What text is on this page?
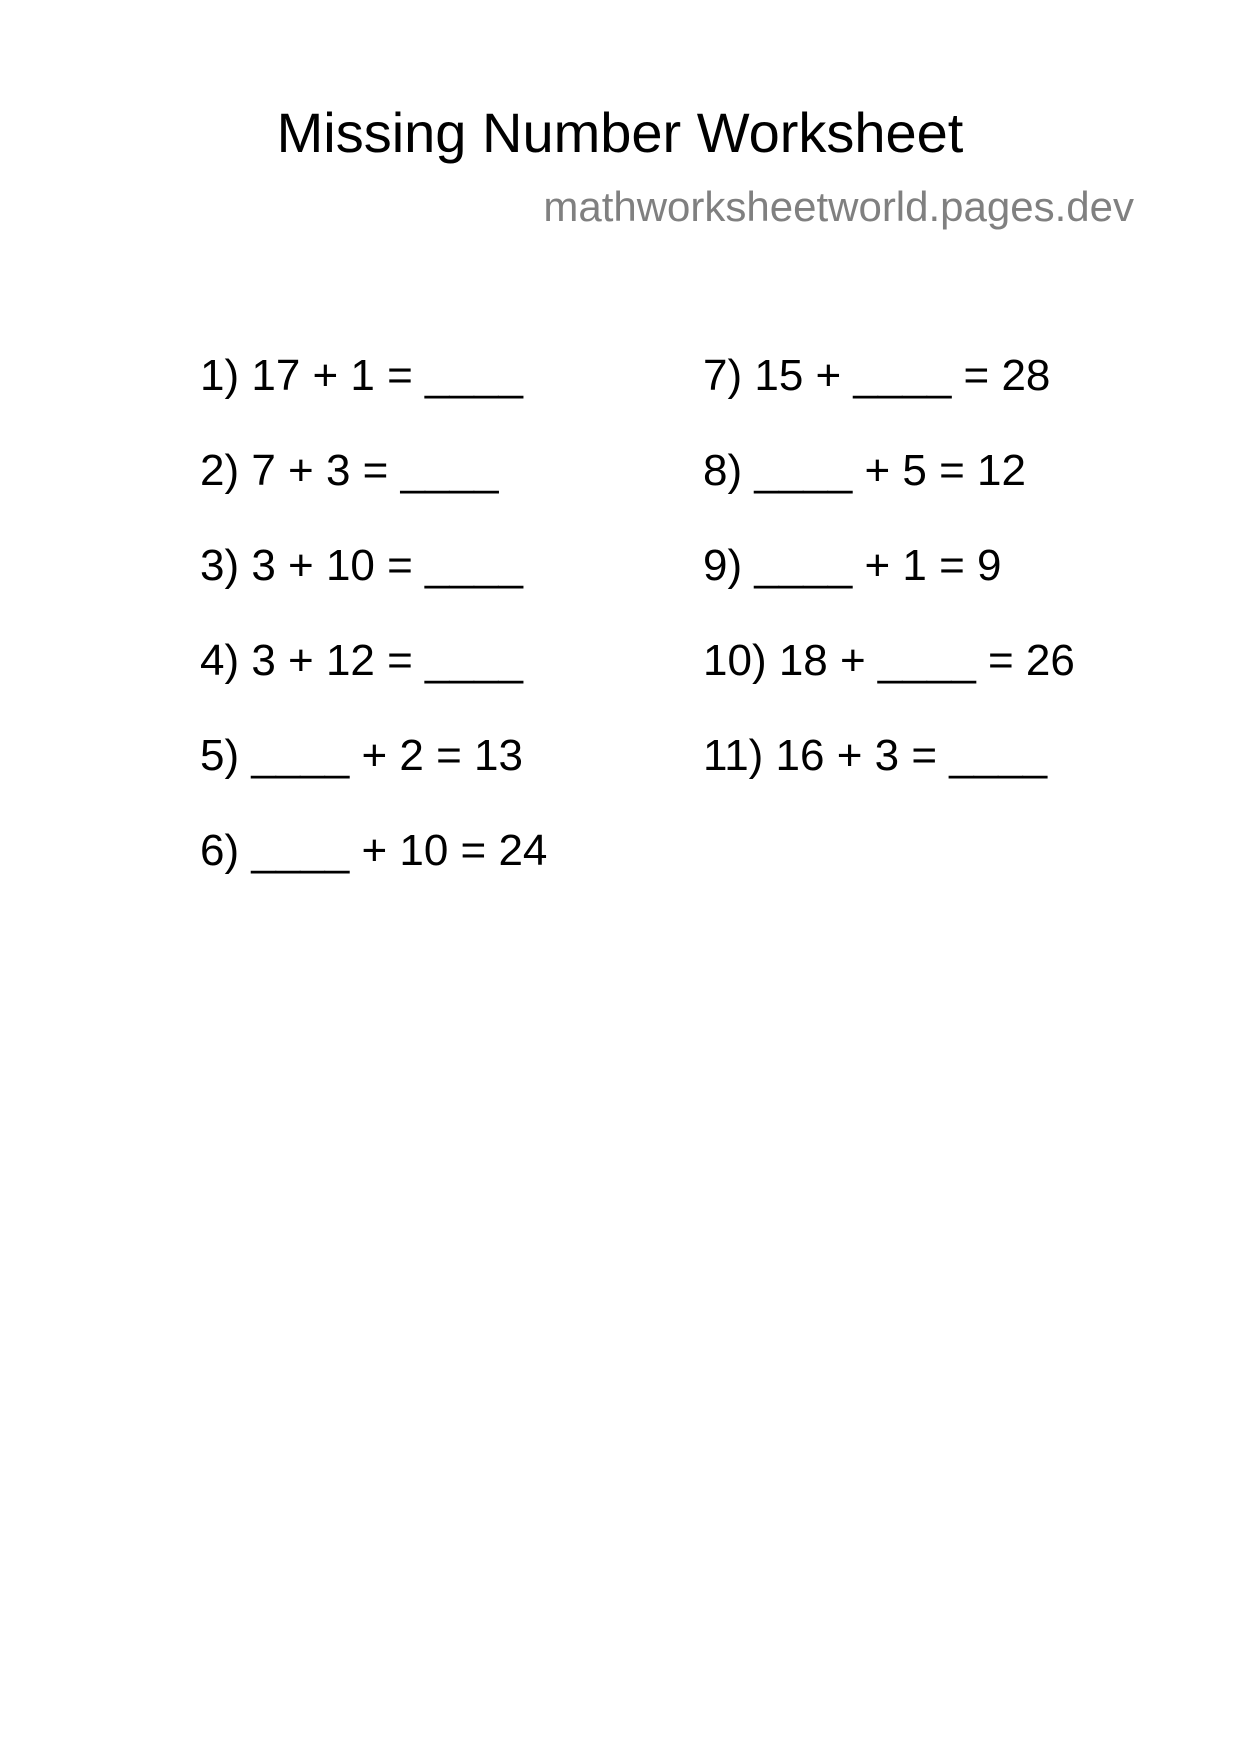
Missing Number Worksheet
mathworksheetworld.pages.dev
1) 17 + 1 = ____
2) 7 + 3 = ____
3) 3 + 10 = ____
4) 3 + 12 = ____
5) ____ + 2 = 13
6) ____ + 10 = 24
7) 15 + ____ = 28
8) ____ + 5 = 12
9) ____ + 1 = 9
10) 18 + ____ = 26
11) 16 + 3 = ____
